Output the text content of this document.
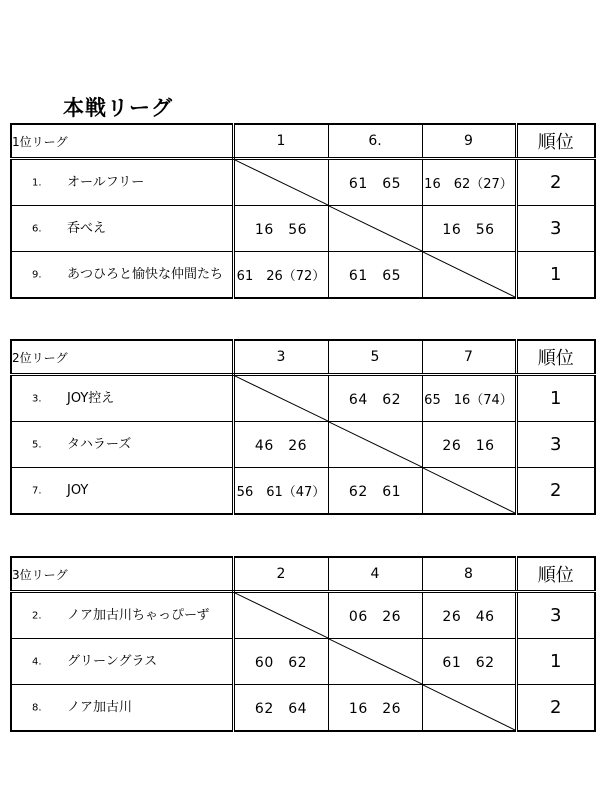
本戦リーグ
1位リーグ	1	6.	9	順位

1. オールフリー		61　65	16　62（27）	2

6. 呑べえ	16　56		16　56	3

9. あつひろと愉快な仲間たち	61　26（72）	61　65		1
2位リーグ	3	5	7	順位

3. JOY控え		64　62	65　16（74）	1

5. タハラーズ	46　26		26　16	3

7. JOY	56　61（47）	62　61		2
3位リーグ	2	4	8	順位

2. ノア加古川ちゃっぴーず		06　26	26　46	3

4. グリーングラス	60　62		61　62	1

8. ノア加古川	62　64	16　26		2
